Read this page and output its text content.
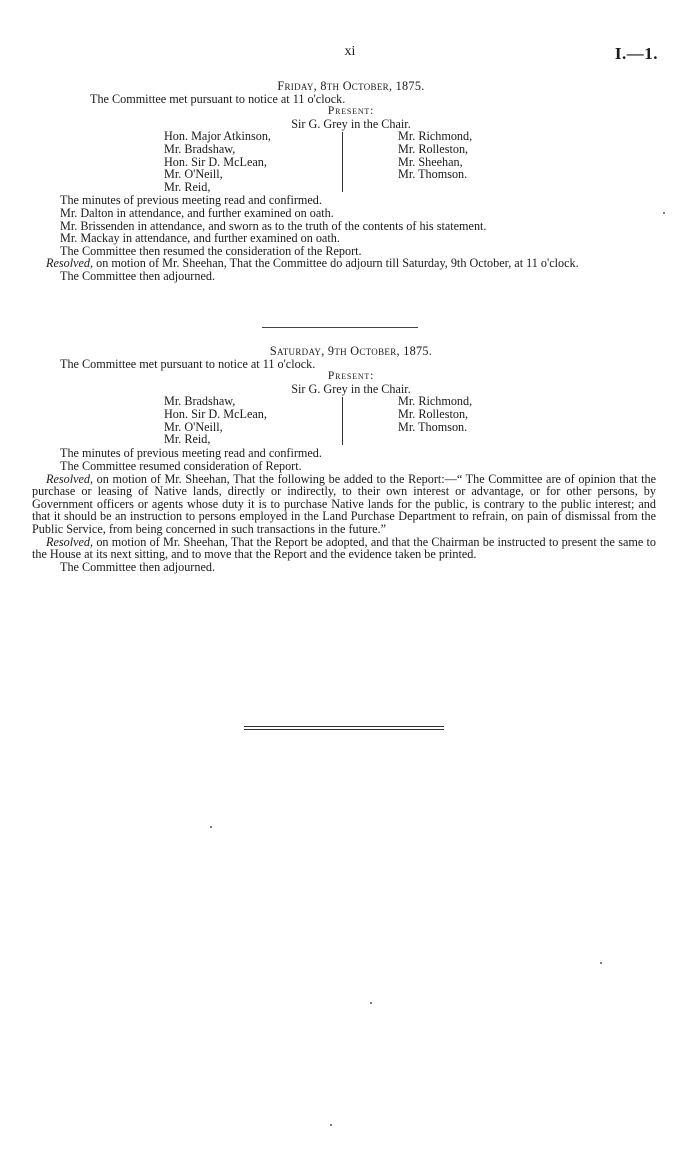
xi	I.—1.

Friday, 8th October, 1875.

The Committee met pursuant to notice at 11 o'clock.

Present:

Sir G. Grey in the Chair.

Hon. Major Atkinson,

Mr. Bradshaw,

Hon. Sir D. McLean,

Mr. O'Neill,

Mr. Reid,

Mr. Richmond,

Mr. Rolleston,

Mr. Sheehan,

Mr. Thomson.

The minutes of previous meeting read and confirmed.

Mr. Dalton in attendance, and further examined on oath.

Mr. Brissenden in attendance, and sworn as to the truth of the contents of his statement.

Mr. Mackay in attendance, and further examined on oath.

The Committee then resumed the consideration of the Report.

Resolved, on motion of Mr. Sheehan, That the Committee do adjourn till Saturday, 9th October, at 11 o'clock.

The Committee then adjourned.

Saturday, 9th October, 1875.

The Committee met pursuant to notice at 11 o'clock.

Present:

Sir G. Grey in the Chair.

Mr. Bradshaw,

Hon. Sir D. McLean,

Mr. O'Neill,

Mr. Reid,

Mr. Richmond,

Mr. Rolleston,

Mr. Thomson.

The minutes of previous meeting read and confirmed.

The Committee resumed consideration of Report.

Resolved, on motion of Mr. Sheehan, That the following be added to the Report:—“ The Committee are of opinion that the purchase or leasing of Native lands, directly or indirectly, to their own interest or advantage, or for other persons, by Government officers or agents whose duty it is to purchase Native lands for the public, is contrary to the public interest; and that it should be an instruction to persons employed in the Land Purchase Department to refrain, on pain of dismissal from the Public Service, from being concerned in such transactions in the future.”

Resolved, on motion of Mr. Sheehan, That the Report be adopted, and that the Chairman be instructed to present the same to the House at its next sitting, and to move that the Report and the evidence taken be printed.

The Committee then adjourned.
